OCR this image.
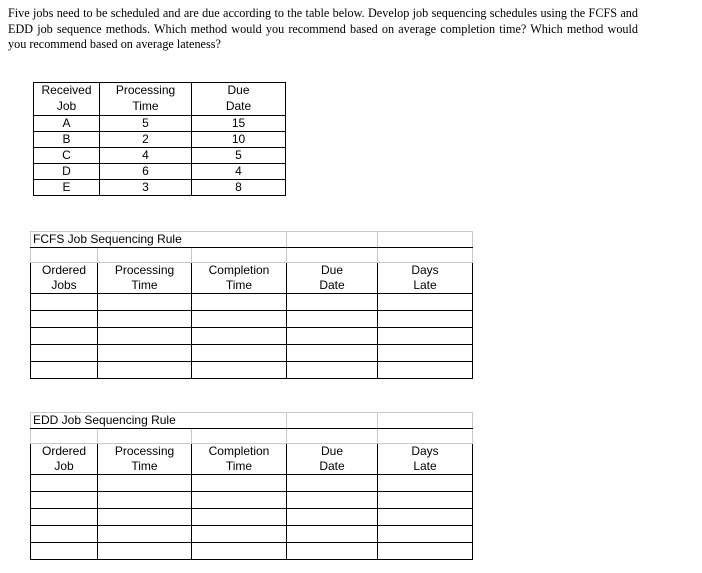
Five jobs need to be scheduled and are due according to the table below. Develop job sequencing schedules using the FCFS and EDD job sequence methods. Which method would you recommend based on average completion time? Which method would you recommend based on average lateness?

Received	Processing	Due
Job	Time	Date
A	5	15
B	2	10
C	4	5
D	6	4
E	3	8
FCFS Job Sequencing Rule				

Ordered	Processing	Completion	Due	Days
Jobs	Time	Time	Date	Late

EDD Job Sequencing Rule				

Ordered	Processing	Completion	Due	Days
Job	Time	Time	Date	Late
